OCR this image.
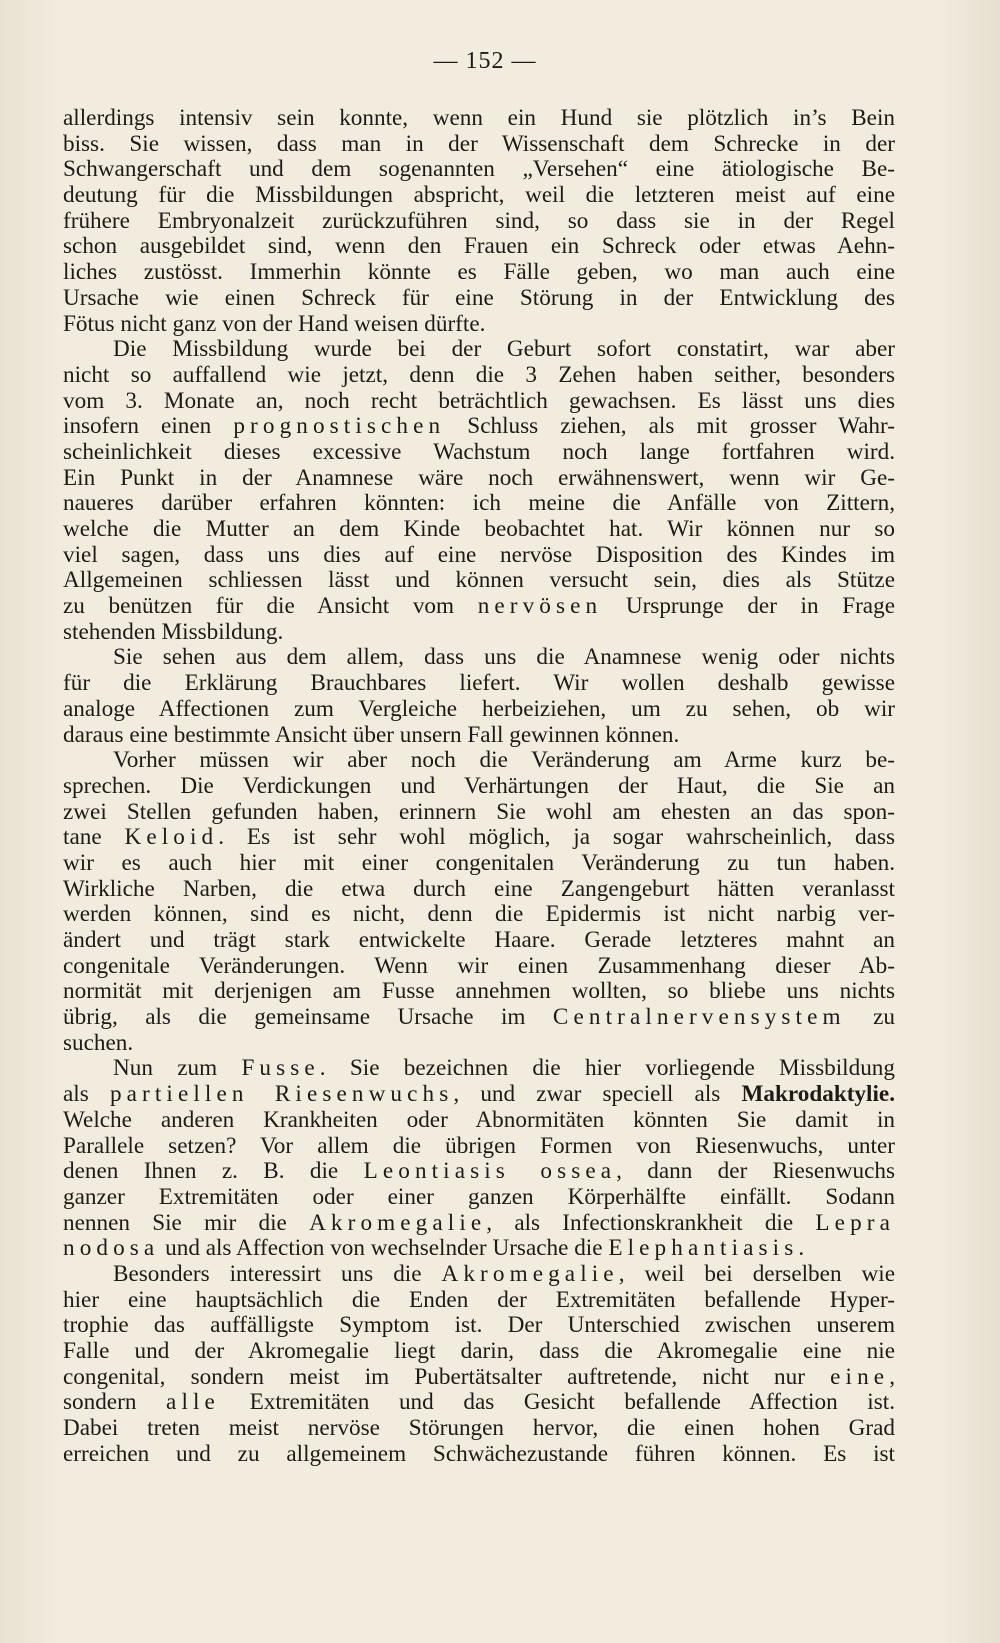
— 152 —
allerdings intensiv sein konnte, wenn ein Hund sie plötzlich in’s Bein
biss. Sie wissen, dass man in der Wissenschaft dem Schrecke in der
Schwangerschaft und dem sogenannten „Versehen“ eine ätiologische Be-
deutung für die Missbildungen abspricht, weil die letzteren meist auf eine
frühere Embryonalzeit zurückzuführen sind, so dass sie in der Regel
schon ausgebildet sind, wenn den Frauen ein Schreck oder etwas Aehn-
liches zustösst. Immerhin könnte es Fälle geben, wo man auch eine
Ursache wie einen Schreck für eine Störung in der Entwicklung des
Fötus nicht ganz von der Hand weisen dürfte.
Die Missbildung wurde bei der Geburt sofort constatirt, war aber
nicht so auffallend wie jetzt, denn die 3 Zehen haben seither, besonders
vom 3. Monate an, noch recht beträchtlich gewachsen. Es lässt uns dies
insofern einen prognostischen Schluss ziehen, als mit grosser Wahr-
scheinlichkeit dieses excessive Wachstum noch lange fortfahren wird.
Ein Punkt in der Anamnese wäre noch erwähnenswert, wenn wir Ge-
naueres darüber erfahren könnten: ich meine die Anfälle von Zittern,
welche die Mutter an dem Kinde beobachtet hat. Wir können nur so
viel sagen, dass uns dies auf eine nervöse Disposition des Kindes im
Allgemeinen schliessen lässt und können versucht sein, dies als Stütze
zu benützen für die Ansicht vom nervösen Ursprunge der in Frage
stehenden Missbildung.
Sie sehen aus dem allem, dass uns die Anamnese wenig oder nichts
für die Erklärung Brauchbares liefert. Wir wollen deshalb gewisse
analoge Affectionen zum Vergleiche herbeiziehen, um zu sehen, ob wir
daraus eine bestimmte Ansicht über unsern Fall gewinnen können.
Vorher müssen wir aber noch die Veränderung am Arme kurz be-
sprechen. Die Verdickungen und Verhärtungen der Haut, die Sie an
zwei Stellen gefunden haben, erinnern Sie wohl am ehesten an das spon-
tane Keloid. Es ist sehr wohl möglich, ja sogar wahrscheinlich, dass
wir es auch hier mit einer congenitalen Veränderung zu tun haben.
Wirkliche Narben, die etwa durch eine Zangengeburt hätten veranlasst
werden können, sind es nicht, denn die Epidermis ist nicht narbig ver-
ändert und trägt stark entwickelte Haare. Gerade letzteres mahnt an
congenitale Veränderungen. Wenn wir einen Zusammenhang dieser Ab-
normität mit derjenigen am Fusse annehmen wollten, so bliebe uns nichts
übrig, als die gemeinsame Ursache im Centralnervensystem zu
suchen.
Nun zum Fusse. Sie bezeichnen die hier vorliegende Missbildung
als partiellen Riesenwuchs, und zwar speciell als Makrodaktylie.
Welche anderen Krankheiten oder Abnormitäten könnten Sie damit in
Parallele setzen? Vor allem die übrigen Formen von Riesenwuchs, unter
denen Ihnen z. B. die Leontiasis ossea, dann der Riesenwuchs
ganzer Extremitäten oder einer ganzen Körperhälfte einfällt. Sodann
nennen Sie mir die Akromegalie, als Infectionskrankheit die Lepra
nodosa und als Affection von wechselnder Ursache die Elephantiasis.
Besonders interessirt uns die Akromegalie, weil bei derselben wie
hier eine hauptsächlich die Enden der Extremitäten befallende Hyper-
trophie das auffälligste Symptom ist. Der Unterschied zwischen unserem
Falle und der Akromegalie liegt darin, dass die Akromegalie eine nie
congenital, sondern meist im Pubertätsalter auftretende, nicht nur eine,
sondern alle Extremitäten und das Gesicht befallende Affection ist.
Dabei treten meist nervöse Störungen hervor, die einen hohen Grad
erreichen und zu allgemeinem Schwächezustande führen können. Es ist
